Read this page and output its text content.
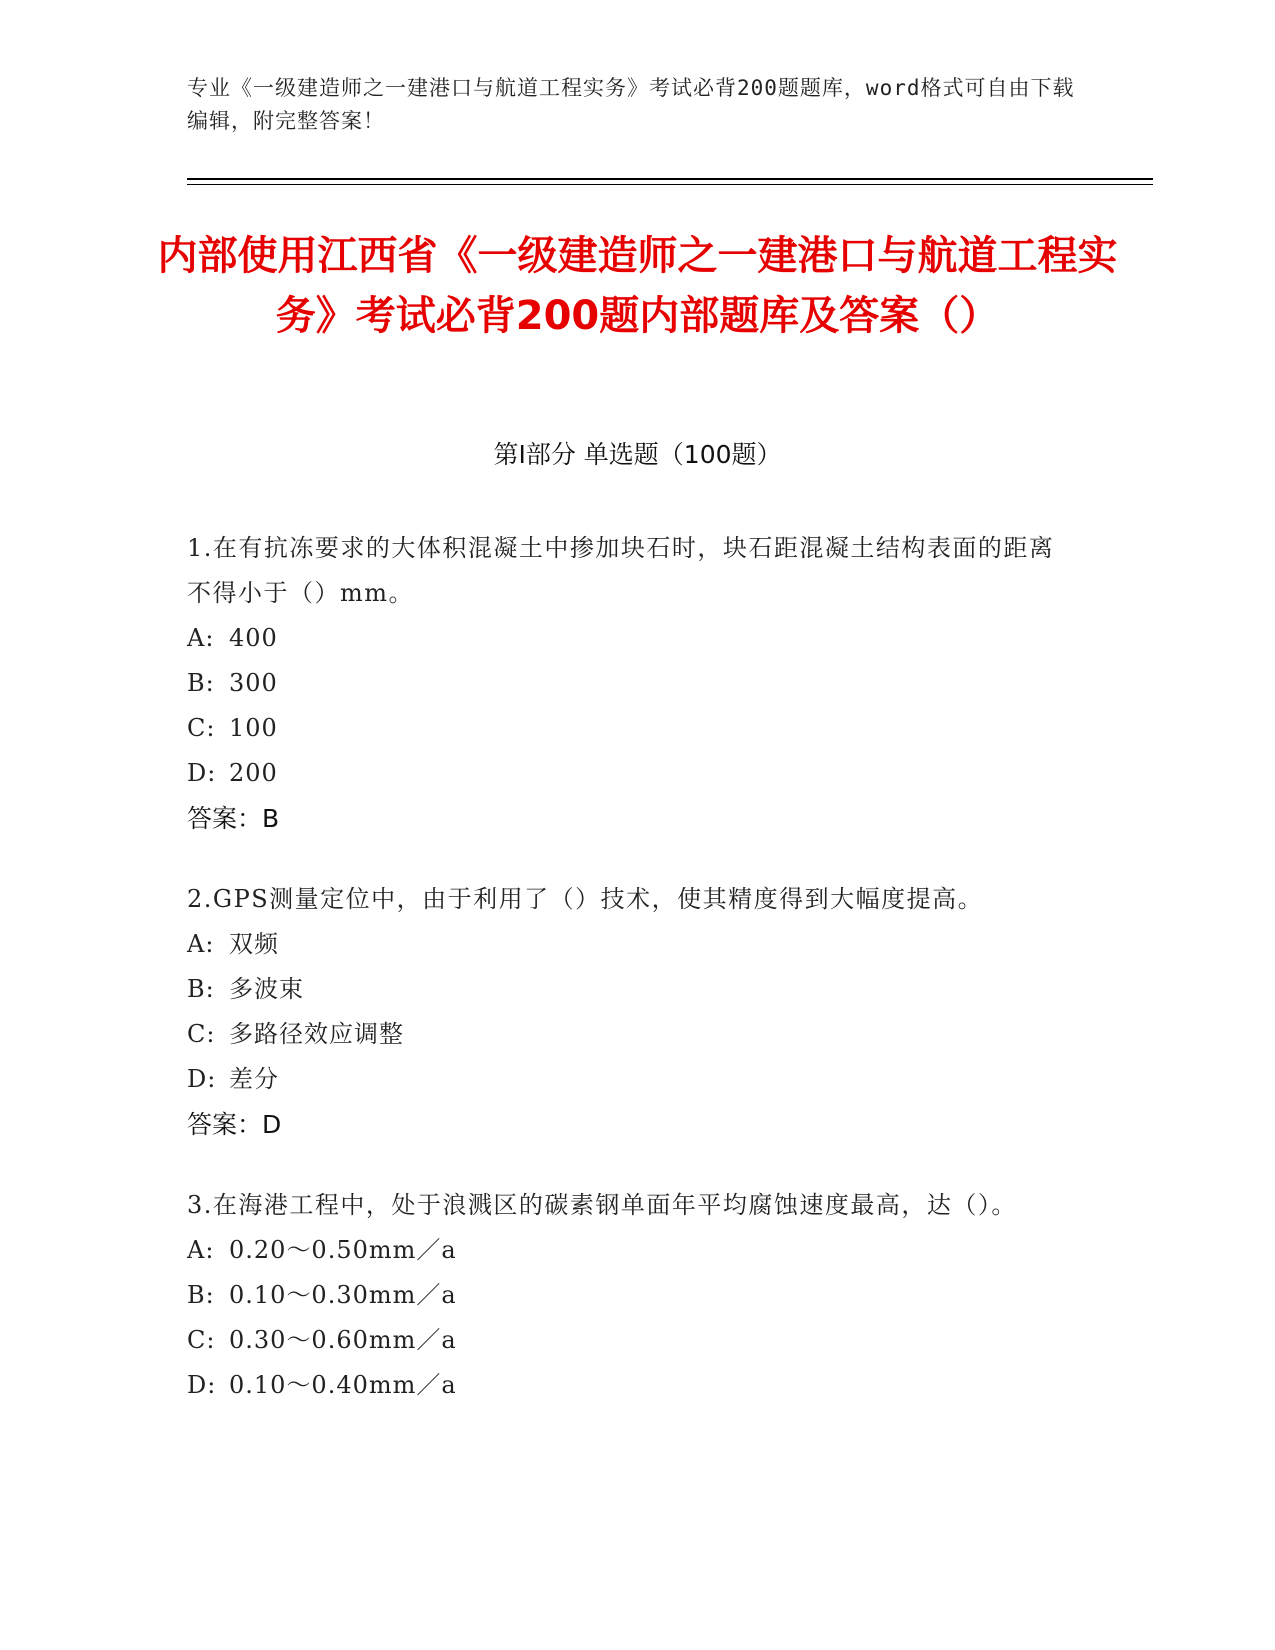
专业《一级建造师之一建港口与航道工程实务》考试必背200题题库，word格式可自由下载编辑，附完整答案！
内部使用江西省《一级建造师之一建港口与航道工程实务》考试必背200题内部题库及答案（）
第I部分 单选题（100题）
1.在有抗冻要求的大体积混凝土中掺加块石时，块石距混凝土结构表面的距离不得小于（）mm。
A: 400
B: 300
C: 100
D: 200
答案：B
2.GPS测量定位中，由于利用了（）技术，使其精度得到大幅度提高。
A: 双频
B: 多波束
C: 多路径效应调整
D: 差分
答案：D
3.在海港工程中，处于浪溅区的碳素钢单面年平均腐蚀速度最高，达（）。
A: 0.20～0.50mm／a
B: 0.10～0.30mm／a
C: 0.30～0.60mm／a
D: 0.10～0.40mm／a
